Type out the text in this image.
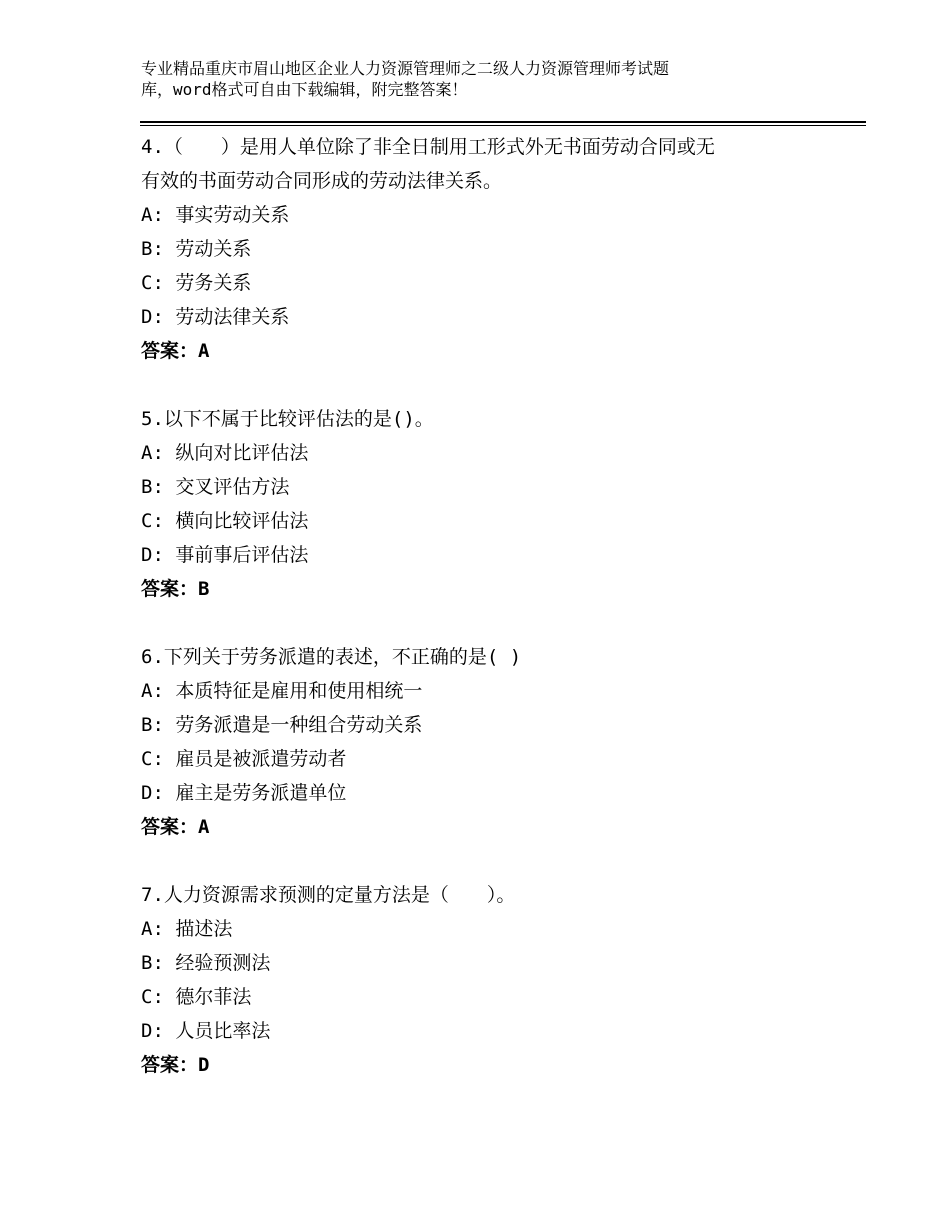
专业精品重庆市眉山地区企业人力资源管理师之二级人力资源管理师考试题
库，word格式可自由下载编辑，附完整答案！
4.（　　）是用人单位除了非全日制用工形式外无书面劳动合同或无
有效的书面劳动合同形成的劳动法律关系。
A: 事实劳动关系
B: 劳动关系
C: 劳务关系
D: 劳动法律关系
答案：A
5.以下不属于比较评估法的是()。
A: 纵向对比评估法
B: 交叉评估方法
C: 横向比较评估法
D: 事前事后评估法
答案：B
6.下列关于劳务派遣的表述，不正确的是( )
A: 本质特征是雇用和使用相统一
B: 劳务派遣是一种组合劳动关系
C: 雇员是被派遣劳动者
D: 雇主是劳务派遣单位
答案：A
7.人力资源需求预测的定量方法是（　　）。
A: 描述法
B: 经验预测法
C: 德尔菲法
D: 人员比率法
答案：D
